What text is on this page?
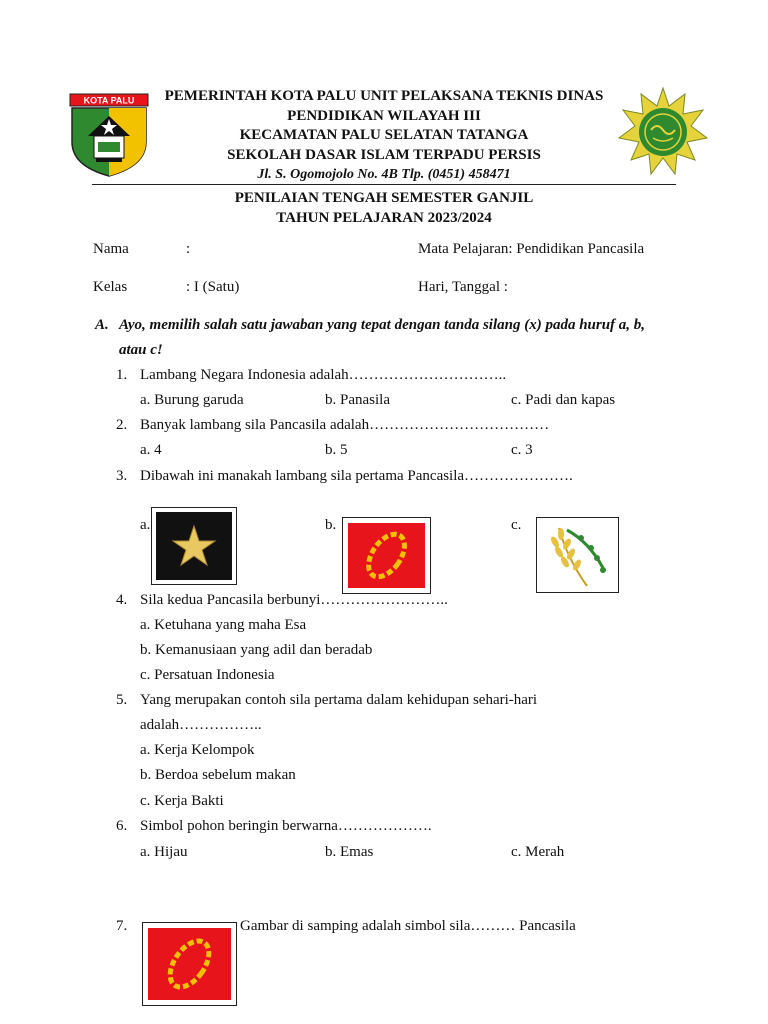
KOTA PALU	PEMERINTAH KOTA PALU UNIT PELAKSANA TEKNIS DINAS
PENDIDIKAN WILAYAH III
KECAMATAN PALU SELATAN TATANGA
SEKOLAH DASAR ISLAM TERPADU PERSIS
Jl. S. Ogomojolo No. 4B Tlp. (0451) 458471
PENILAIAN TENGAH SEMESTER GANJIL
TAHUN PELAJARAN 2023/2024
Nama	:	Mata Pelajaran: Pendidikan Pancasila
Kelas	: I (Satu)	Hari, Tanggal :
A. Ayo, memilih salah satu jawaban yang tepat dengan tanda silang (x) pada huruf a, b,
atau c!
1. Lambang Negara Indonesia adalah…………………………..
a. Burung garuda	b. Panasila	c. Padi dan kapas
2. Banyak lambang sila Pancasila adalah………………………………
a. 4	b. 5	c. 3
3. Dibawah ini manakah lambang sila pertama Pancasila………………….
a.	b.	c.
4. Sila kedua Pancasila berbunyi……………………..
a. Ketuhana yang maha Esa
b. Kemanusiaan yang adil dan beradab
c. Persatuan Indonesia
5. Yang merupakan contoh sila pertama dalam kehidupan sehari-hari
adalah……………..
a. Kerja Kelompok
b. Berdoa sebelum makan
c. Kerja Bakti
6. Simbol pohon beringin berwarna……………….
a. Hijau	b. Emas	c. Merah
7.	Gambar di samping adalah simbol sila……… Pancasila
